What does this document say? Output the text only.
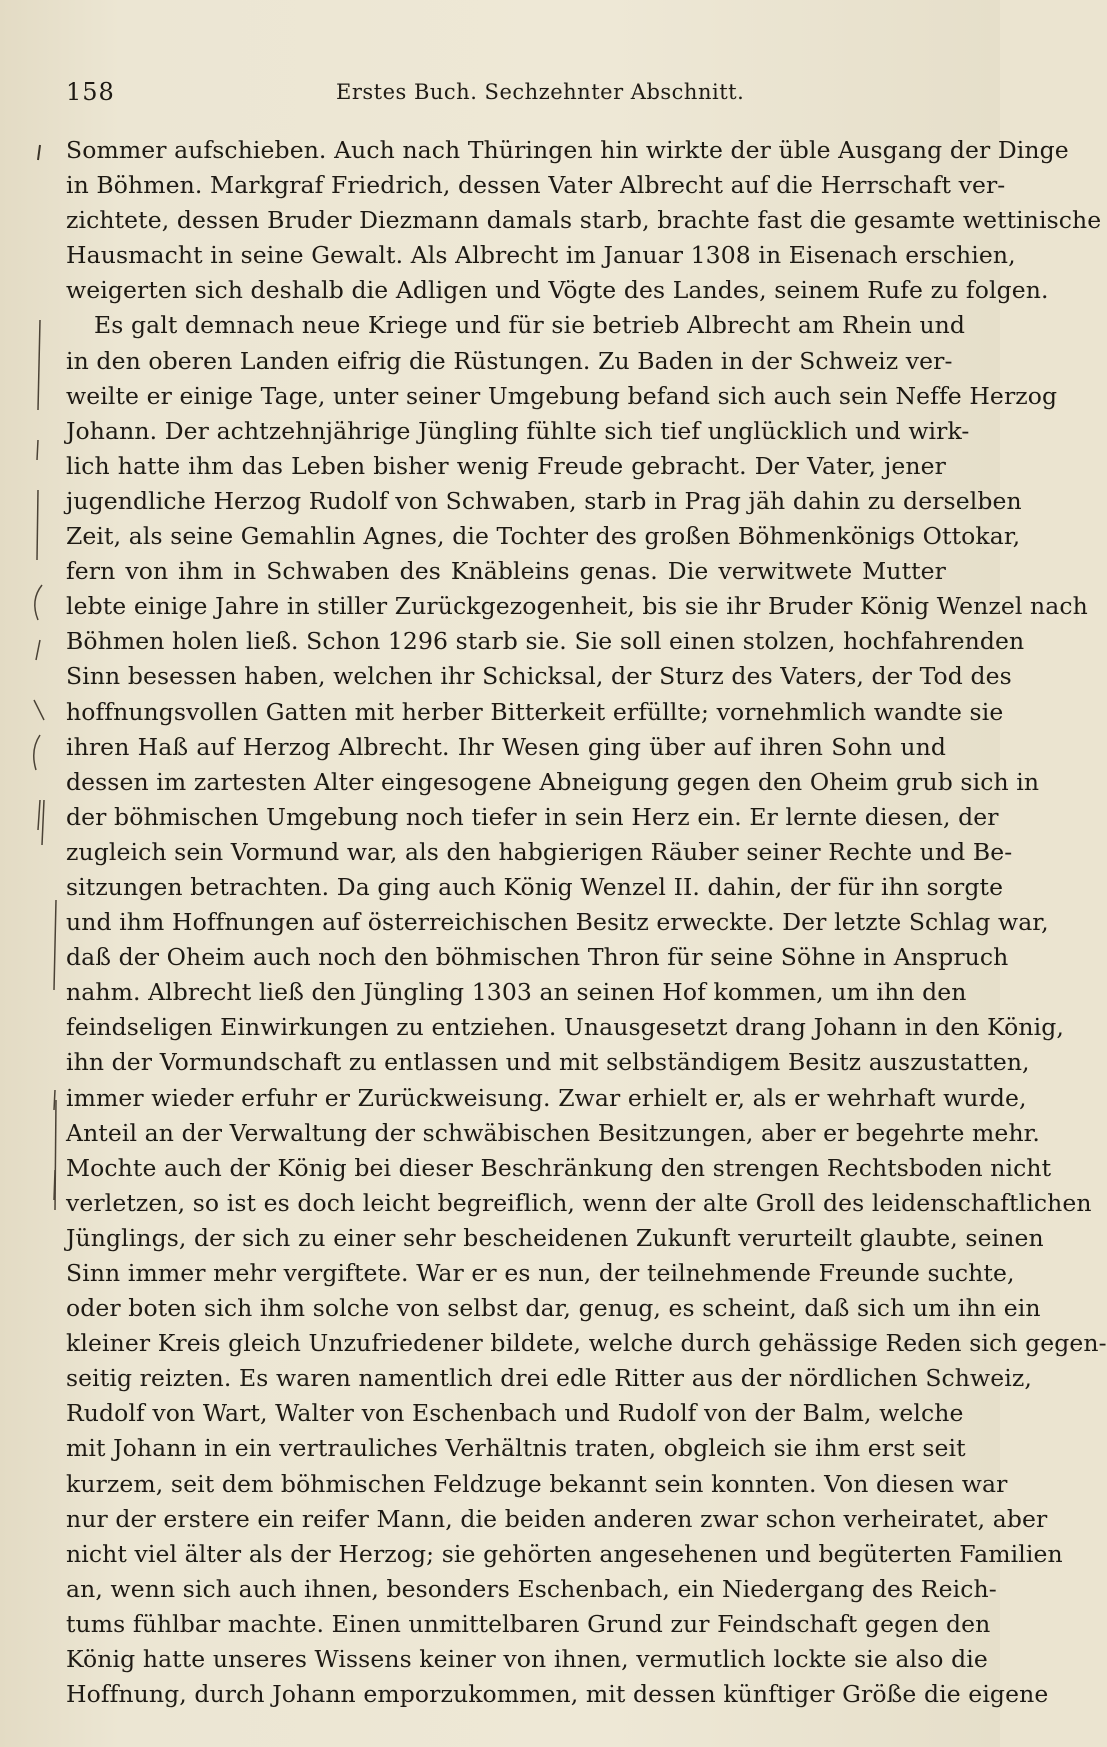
158	Erstes Buch. Sechzehnter Abschnitt.
Sommer aufschieben. Auch nach Thüringen hin wirkte der üble Ausgang der Dinge
in Böhmen. Markgraf Friedrich, dessen Vater Albrecht auf die Herrschaft ver-
zichtete, dessen Bruder Diezmann damals starb, brachte fast die gesamte wettinische
Hausmacht in seine Gewalt. Als Albrecht im Januar 1308 in Eisenach erschien,
weigerten sich deshalb die Adligen und Vögte des Landes, seinem Rufe zu folgen.
Es galt demnach neue Kriege und für sie betrieb Albrecht am Rhein und
in den oberen Landen eifrig die Rüstungen. Zu Baden in der Schweiz ver-
weilte er einige Tage, unter seiner Umgebung befand sich auch sein Neffe Herzog
Johann. Der achtzehnjährige Jüngling fühlte sich tief unglücklich und wirk-
lich hatte ihm das Leben bisher wenig Freude gebracht. Der Vater, jener
jugendliche Herzog Rudolf von Schwaben, starb in Prag jäh dahin zu derselben
Zeit, als seine Gemahlin Agnes, die Tochter des großen Böhmenkönigs Ottokar,
fern von ihm in Schwaben des Knäbleins genas. Die verwitwete Mutter
lebte einige Jahre in stiller Zurückgezogenheit, bis sie ihr Bruder König Wenzel nach
Böhmen holen ließ. Schon 1296 starb sie. Sie soll einen stolzen, hochfahrenden
Sinn besessen haben, welchen ihr Schicksal, der Sturz des Vaters, der Tod des
hoffnungsvollen Gatten mit herber Bitterkeit erfüllte; vornehmlich wandte sie
ihren Haß auf Herzog Albrecht. Ihr Wesen ging über auf ihren Sohn und
dessen im zartesten Alter eingesogene Abneigung gegen den Oheim grub sich in
der böhmischen Umgebung noch tiefer in sein Herz ein. Er lernte diesen, der
zugleich sein Vormund war, als den habgierigen Räuber seiner Rechte und Be-
sitzungen betrachten. Da ging auch König Wenzel II. dahin, der für ihn sorgte
und ihm Hoffnungen auf österreichischen Besitz erweckte. Der letzte Schlag war,
daß der Oheim auch noch den böhmischen Thron für seine Söhne in Anspruch
nahm. Albrecht ließ den Jüngling 1303 an seinen Hof kommen, um ihn den
feindseligen Einwirkungen zu entziehen. Unausgesetzt drang Johann in den König,
ihn der Vormundschaft zu entlassen und mit selbständigem Besitz auszustatten,
immer wieder erfuhr er Zurückweisung. Zwar erhielt er, als er wehrhaft wurde,
Anteil an der Verwaltung der schwäbischen Besitzungen, aber er begehrte mehr.
Mochte auch der König bei dieser Beschränkung den strengen Rechtsboden nicht
verletzen, so ist es doch leicht begreiflich, wenn der alte Groll des leidenschaftlichen
Jünglings, der sich zu einer sehr bescheidenen Zukunft verurteilt glaubte, seinen
Sinn immer mehr vergiftete. War er es nun, der teilnehmende Freunde suchte,
oder boten sich ihm solche von selbst dar, genug, es scheint, daß sich um ihn ein
kleiner Kreis gleich Unzufriedener bildete, welche durch gehässige Reden sich gegen-
seitig reizten. Es waren namentlich drei edle Ritter aus der nördlichen Schweiz,
Rudolf von Wart, Walter von Eschenbach und Rudolf von der Balm, welche
mit Johann in ein vertrauliches Verhältnis traten, obgleich sie ihm erst seit
kurzem, seit dem böhmischen Feldzuge bekannt sein konnten. Von diesen war
nur der erstere ein reifer Mann, die beiden anderen zwar schon verheiratet, aber
nicht viel älter als der Herzog; sie gehörten angesehenen und begüterten Familien
an, wenn sich auch ihnen, besonders Eschenbach, ein Niedergang des Reich-
tums fühlbar machte. Einen unmittelbaren Grund zur Feindschaft gegen den
König hatte unseres Wissens keiner von ihnen, vermutlich lockte sie also die
Hoffnung, durch Johann emporzukommen, mit dessen künftiger Größe die eigene
